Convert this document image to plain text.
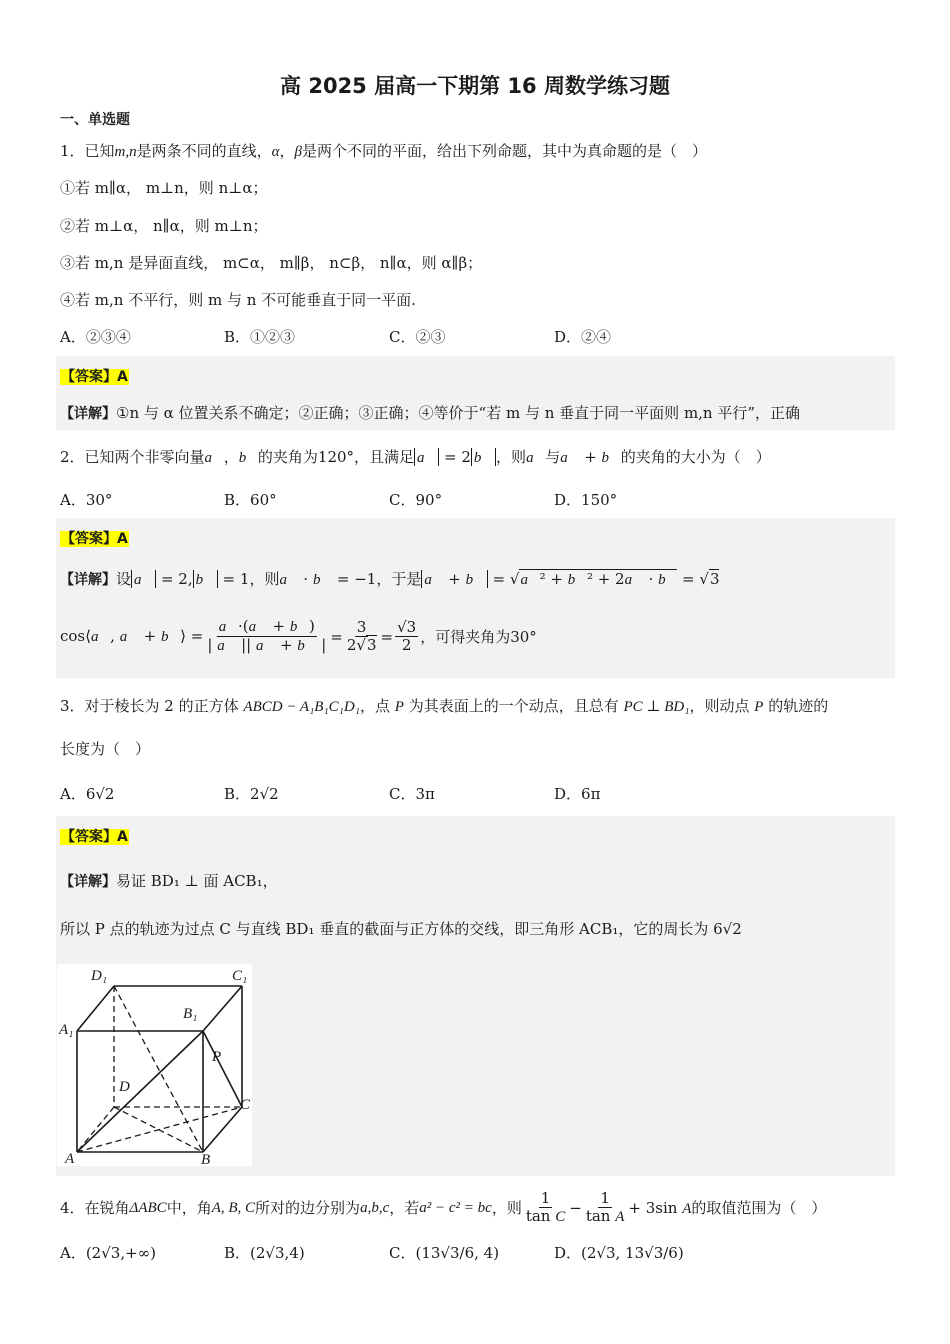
高 2025 届高一下期第 16 周数学练习题
一、单选题
1．已知m,n是两条不同的直线，α，β是两个不同的平面，给出下列命题，其中为真命题的是（　）
①若 m∥α， m⊥n，则 n⊥α；
②若 m⊥α， n∥α，则 m⊥n；
③若 m,n 是异面直线， m⊂α， m∥β， n⊂β， n∥α，则 α∥β；
④若 m,n 不平行，则 m 与 n 不可能垂直于同一平面.
A．②③④	B．①②③	C．②③	D．②④
【答案】A
【详解】①n 与 α 位置关系不确定；②正确；③正确；④等价于“若 m 与 n 垂直于同一平面则 m,n 平行”，正确
2．已知两个非零向量a⃗，b⃗的夹角为120°，且满足 a⃗ = 2 b⃗ ，则a⃗与a⃗ + b⃗的夹角的大小为（　）
A．30°	B．60°	C．90°	D．150°
【答案】A
【详解】设 a⃗ = 2, b⃗ = 1，则a⃗ · b⃗ = −1，于是 a⃗ + b⃗ = √a⃗² + b⃗² + 2a⃗ · b⃗ = √3
cos⟨a⃗, a⃗ + b⃗⟩ = $\frac{a⃗\cdot(a⃗ + b⃗)}{| a⃗ || a⃗ + b⃗ |} = \frac{3}{2√3} = \frac{√3}{2}$ ，可得夹角为30°
3．对于棱长为 2 的正方体 ABCD − A₁B₁C₁D₁，点 P 为其表面上的一个动点，且总有 PC ⊥ BD₁，则动点 P 的轨迹的
长度为（　）
A．6√2	B．2√2	C．3π	D．6π
【答案】A
【详解】易证 BD₁ ⊥ 面 ACB₁，
所以 P 点的轨迹为过点 C 与直线 BD₁ 垂直的截面与正方体的交线，即三角形 ACB₁，它的周长为 6√2
D₁	C₁
B₁
A₁
P
D
C
A	B
4．在锐角 ΔABC 中，角 A, B, C 所对的边分别为 a,b,c ，若 a² − c² = bc ，则 $\frac{1}{\text{tan C}} - \frac{1}{\text{tan A}} + 3\sin$ A 的取值范围为（　）
A．(2√3,+∞)	B．(2√3,4)	C．(13√3/6, 4)	D．(2√3, 13√3/6)
